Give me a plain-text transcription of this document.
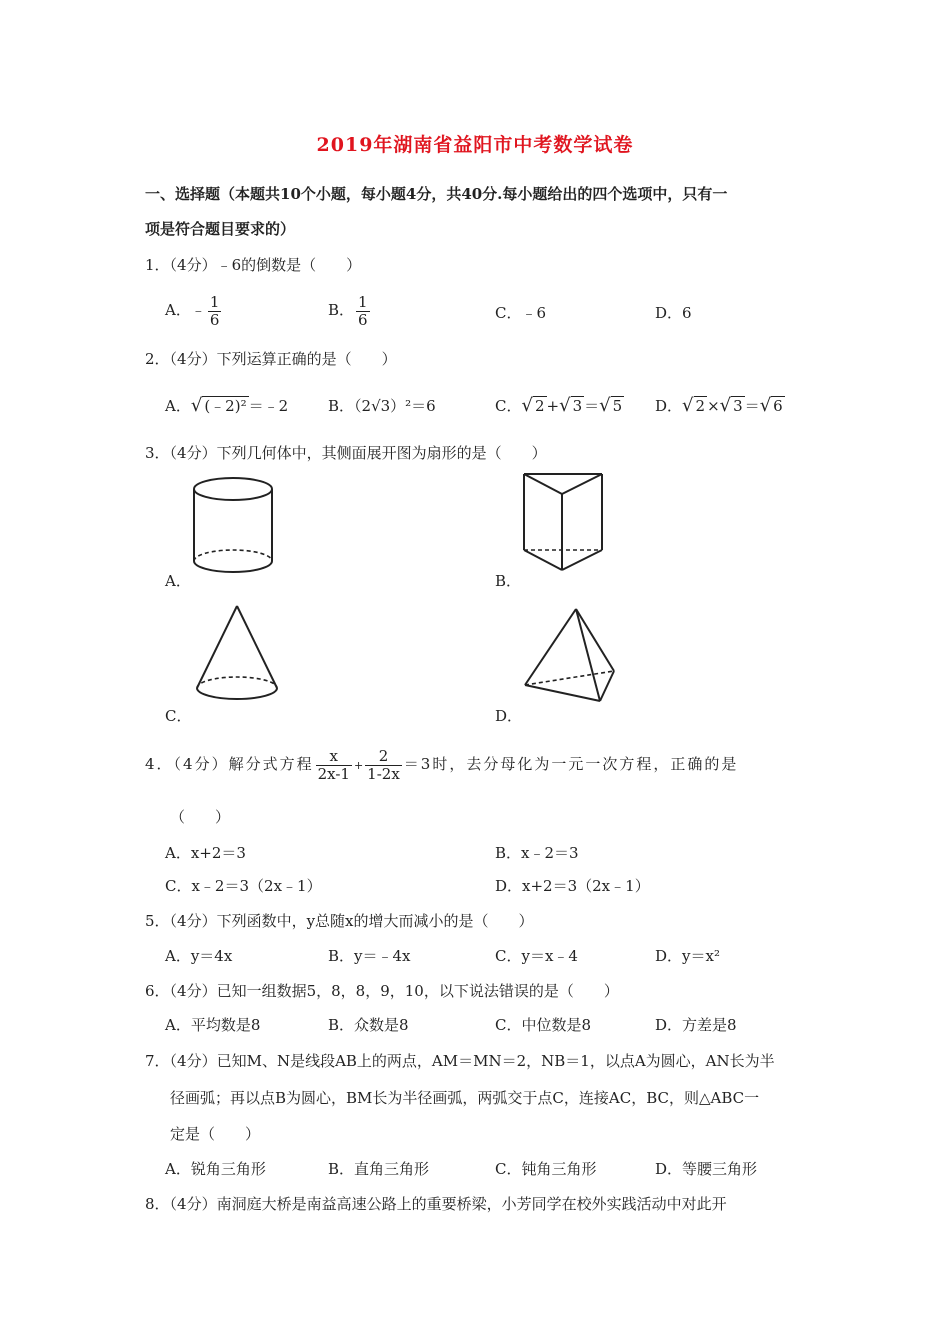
2019年湖南省益阳市中考数学试卷
一、选择题（本题共10个小题，每小题4分，共40分.每小题给出的四个选项中，只有一
项是符合题目要求的）
1．（4分）﹣6的倒数是（　　）
A．﹣ $\frac{1}{6}$	B． $\frac{1}{6}$	C．﹣6	D．6
2．（4分）下列运算正确的是（　　）
A．√ (﹣2)² ＝﹣2	B．（2√3）²＝6	C．√ 2 +√ 3 ＝√ 5 D．√ 2 ×√ 3 ＝√ 6
3．（4分）下列几何体中，其侧面展开图为扇形的是（　　）
A．	B．
C．	D．
4．（4分）解分式方程 $\frac{x}{2x-1} + \frac{2}{1-2x} =3$时，去分母化为一元一次方程，正确的是
（　　）
A．x+2＝3	B．x﹣2＝3
C．x﹣2＝3（2x﹣1）	D．x+2＝3（2x﹣1）
5．（4分）下列函数中，y总随x的增大而减小的是（　　）
A．y＝4x	B．y＝﹣4x	C．y＝x﹣4	D．y＝x²
6．（4分）已知一组数据5，8，8，9，10，以下说法错误的是（　　）
A．平均数是8	B．众数是8	C．中位数是8	D．方差是8
7．（4分）已知M、N是线段AB上的两点，AM＝MN＝2，NB＝1，以点A为圆心，AN长为半
径画弧；再以点B为圆心，BM长为半径画弧，两弧交于点C，连接AC，BC，则△ABC一
定是（　　）
A．锐角三角形	B．直角三角形	C．钝角三角形	D．等腰三角形
8．（4分）南洞庭大桥是南益高速公路上的重要桥梁，小芳同学在校外实践活动中对此开
